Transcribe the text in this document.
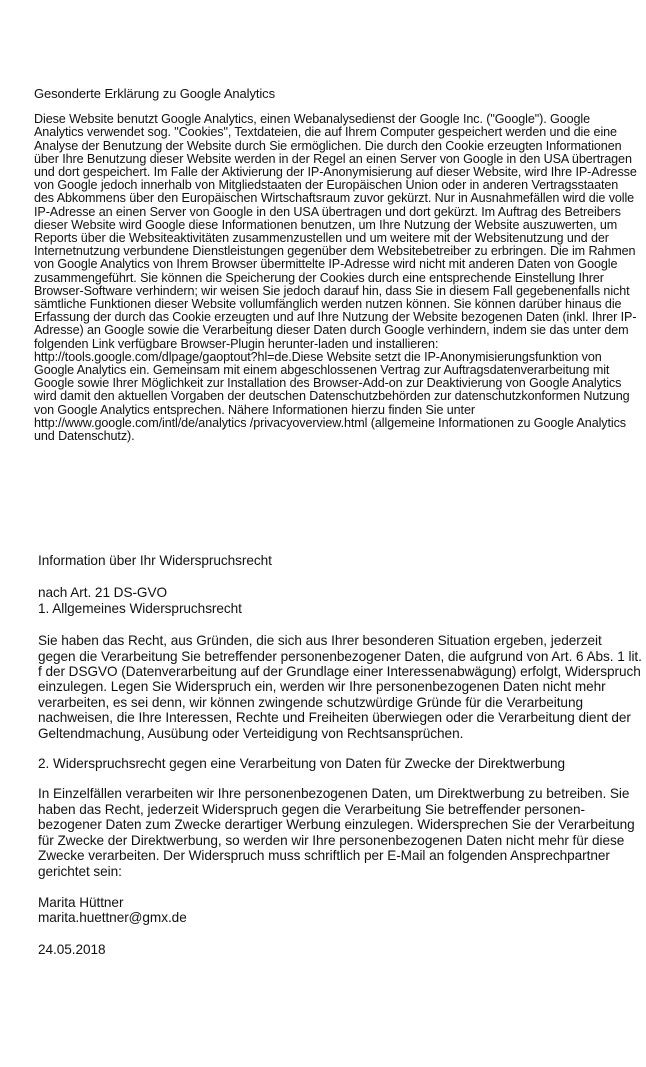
Gesonderte Erklärung zu Google Analytics

Diese Website benutzt Google Analytics, einen Webanalysedienst der Google Inc. ("Google"). Google Analytics verwendet sog. "Cookies", Textdateien, die auf Ihrem Computer gespeichert werden und die eine Analyse der Benutzung der Website durch Sie ermöglichen. Die durch den Cookie erzeugten Informationen über Ihre Benutzung dieser Website werden in der Regel an einen Server von Google in den USA übertragen und dort gespeichert. Im Falle der Aktivierung der IP-Anonymisierung auf dieser Website, wird Ihre IP-Adresse von Google jedoch innerhalb von Mitgliedstaaten der Europäischen Union oder in anderen Vertragsstaaten des Abkommens über den Europäischen Wirtschaftsraum zuvor gekürzt. Nur in Ausnahmefällen wird die volle IP-Adresse an einen Server von Google in den USA übertragen und dort gekürzt. Im Auftrag des Betreibers dieser Website wird Google diese Informationen benutzen, um Ihre Nutzung der Website auszuwerten, um Reports über die Websiteaktivitäten zusammenzustellen und um weitere mit der Websitenutzung und der Internetnutzung verbundene Dienstleistungen gegenüber dem Websitebetreiber zu erbringen. Die im Rahmen von Google Analytics von Ihrem Browser übermittelte IP-Adresse wird nicht mit anderen Daten von Google zusammengeführt. Sie können die Speicherung der Cookies durch eine entsprechende Einstellung Ihrer Browser-Software verhindern; wir weisen Sie jedoch darauf hin, dass Sie in diesem Fall gegebenenfalls nicht sämtliche Funktionen dieser Website vollumfänglich werden nutzen können. Sie können darüber hinaus die Erfassung der durch das Cookie erzeugten und auf Ihre Nutzung der Website bezogenen Daten (inkl. Ihrer IP-Adresse) an Google sowie die Verarbeitung dieser Daten durch Google verhindern, indem sie das unter dem folgenden Link verfügbare Browser-Plugin herunter-laden und installieren: http://tools.google.com/dlpage/gaoptout?hl=de.Diese Website setzt die IP-Anonymisierungsfunktion von Google Analytics ein. Gemeinsam mit einem abgeschlossenen Vertrag zur Auftragsdatenverarbeitung mit Google sowie Ihrer Möglichkeit zur Installation des Browser-Add-on zur Deaktivierung von Google Analytics wird damit den aktuellen Vorgaben der deutschen Datenschutzbehörden zur datenschutzkonformen Nutzung von Google Analytics entsprechen. Nähere Informationen hierzu finden Sie unter http://www.google.com/intl/de/analytics /privacyoverview.html (allgemeine Informationen zu Google Analytics und Datenschutz).

Information über Ihr Widerspruchsrecht

nach Art. 21 DS-GVO

1. Allgemeines Widerspruchsrecht

Sie haben das Recht, aus Gründen, die sich aus Ihrer besonderen Situation ergeben, jederzeit gegen die Verarbeitung Sie betreffender personenbezogener Daten, die aufgrund von Art. 6 Abs. 1 lit. f der DSGVO (Datenverarbeitung auf der Grundlage einer Interessenabwägung) erfolgt, Widerspruch einzulegen. Legen Sie Widerspruch ein, werden wir Ihre personenbezogenen Daten nicht mehr verarbeiten, es sei denn, wir können zwingende schutzwürdige Gründe für die Verarbeitung nachweisen, die Ihre Interessen, Rechte und Freiheiten überwiegen oder die Verarbeitung dient der Geltendmachung, Ausübung oder Verteidigung von Rechtsansprüchen.

2. Widerspruchsrecht gegen eine Verarbeitung von Daten für Zwecke der Direktwerbung

In Einzelfällen verarbeiten wir Ihre personenbezogenen Daten, um Direktwerbung zu betreiben. Sie haben das Recht, jederzeit Widerspruch gegen die Verarbeitung Sie betreffender personen-bezogener Daten zum Zwecke derartiger Werbung einzulegen. Widersprechen Sie der Verarbeitung für Zwecke der Direktwerbung, so werden wir Ihre personenbezogenen Daten nicht mehr für diese Zwecke verarbeiten. Der Widerspruch muss schriftlich per E-Mail an folgenden Ansprechpartner gerichtet sein:

Marita Hüttner

marita.huettner@gmx.de

24.05.2018
